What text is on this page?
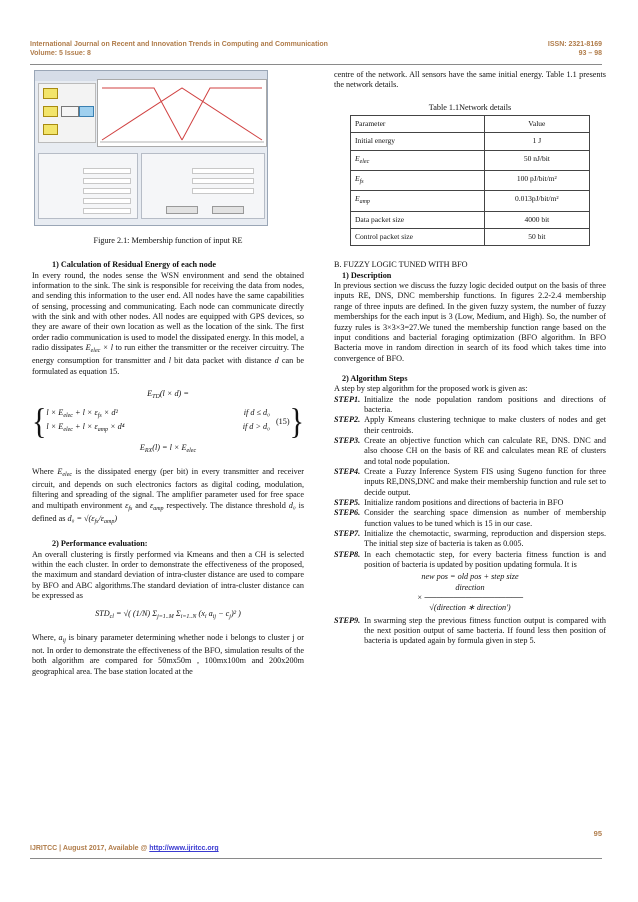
International Journal on Recent and Innovation Trends in Computing and Communication
Volume: 5 Issue: 8
ISSN: 2321-8169
93 – 98

Figure 2.1: Membership function of input RE

1) Calculation of Residual Energy of each node

In every round, the nodes sense the WSN environment and send the obtained information to the sink. The sink is responsible for receiving the data from nodes, and sending this information to the user end. All nodes have the same capabilities of sensing, processing and communicating. Each node can communicate directly with the sink and with other nodes. All nodes are equipped with GPS devices, so they are aware of their own location as well as the location of the sink. The first order radio communication is used to model the dissipated energy. In this model, a radio dissipates $E_{elec} \times l$ to run either the transmitter or the receiver circuitry. The energy consumption for transmitter and l bit data packet with distance d can be formulated as equation 15.

$E_{TD}(l \times d)$ =
{ $l \times E_{elec} + l \times \varepsilon_{fs} \times d^2$	if d ≤ d₀
$l \times E_{elec} + l \times \varepsilon_{amp} \times d^4$	if d > d₀
(15) }
$E_{RX}(l) = l \times E_{elec}$

Where $E_{elec}$ is the dissipated energy (per bit) in every transmitter and receiver circuit, and depends on such electronics factors as digital coding, modulation, filtering and spreading of the signal. The amplifier parameter used for free space and multipath environment $\varepsilon_{fs}$ and $\varepsilon_{amp}$ respectively. The distance threshold d₀ is defined as $d_0 = √(\varepsilon_{fs}/\varepsilon_{amp})$

2) Performance evaluation:

An overall clustering is firstly performed via Kmeans and then a CH is selected within the each cluster. In order to demonstrate the effectiveness of the proposed, the maximum and standard deviation of intra-cluster distance are used to compare by BFO and ABC algorithms.The standard deviation of intra-cluster distance can be expressed as

$STD_{cl}$ = √( (1/N) $\Sigma_{j=1..M}$ $\Sigma_{i=1..N}$ ($x_i$ $a_{ij} - c_j)^2$ )

Where, $a_{ij}$ is binary parameter determining whether node i belongs to cluster j or not. In order to demonstrate the effectiveness of the BFO, simulation results of the both algorithm are compared for 50mx50m , 100mx100m and 200x200m geographical area. The base station located at the

centre of the network. All sensors have the same initial energy. Table 1.1 presents the network details.

Table 1.1Network details

Parameter	Value
Initial energy	1 J
$E_{elec}$	50 nJ/bit
$E_{fs}$	100 pJ/bit/m²
$E_{amp}$	0.013pJ/bit/m²
Data packet size	4000 bit
Control packet size	50 bit

B. FUZZY LOGIC TUNED WITH BFO

1) Description

In previous section we discuss the fuzzy logic decided output on the basis of three inputs RE, DNS, DNC membership functions. In figures 2.2-2.4 membership range of three inputs are defined. In the given fuzzy system, the number of fuzzy memberships for the each input is 3 (Low, Medium, and High). So, the number of fuzzy rules is 3×3×3=27.We tuned the membership function range based on the input conditions and bacterial foraging optimization (BFO algorithm. In BFO Bacteria move in random direction in search of its food which takes time into convergence of BFO.

2) Algorithm Steps

A step by step algorithm for the proposed work is given as:

STEP1. Initialize the node population random positions and directions of bacteria.
STEP2. Apply Kmeans clustering technique to make clusters of nodes and get their centroids.
STEP3. Create an objective function which can calculate RE, DNS. DNC and also choose CH on the basis of RE and calculates mean RE of clusters and total node population.
STEP4. Create a Fuzzy Inference System FIS using Sugeno function for three inputs RE,DNS,DNC and make their membership function and rule set to decide output.
STEP5. Initialize random positions and directions of bacteria in BFO
STEP6. Consider the searching space dimension as number of membership function values to be tuned which is 15 in our case.
STEP7. Initialize the chemotactic, swarming, reproduction and dispersion steps. The initial step size of bacteria is taken as 0.005.
STEP8. In each chemotactic step, for every bacteria fitness function is and position of bacteria is updated by position updating formula. It is
new pos = old pos + step size
direction
× ─────────────────
√(direction ∗ direction′)
STEP9. In swarming step the previous fitness function output is compared with the next position output of same bacteria. If found less then position of bacteria is updated again by formula given in step 5.
95
IJRITCC | August 2017, Available @ http://www.ijritcc.org
